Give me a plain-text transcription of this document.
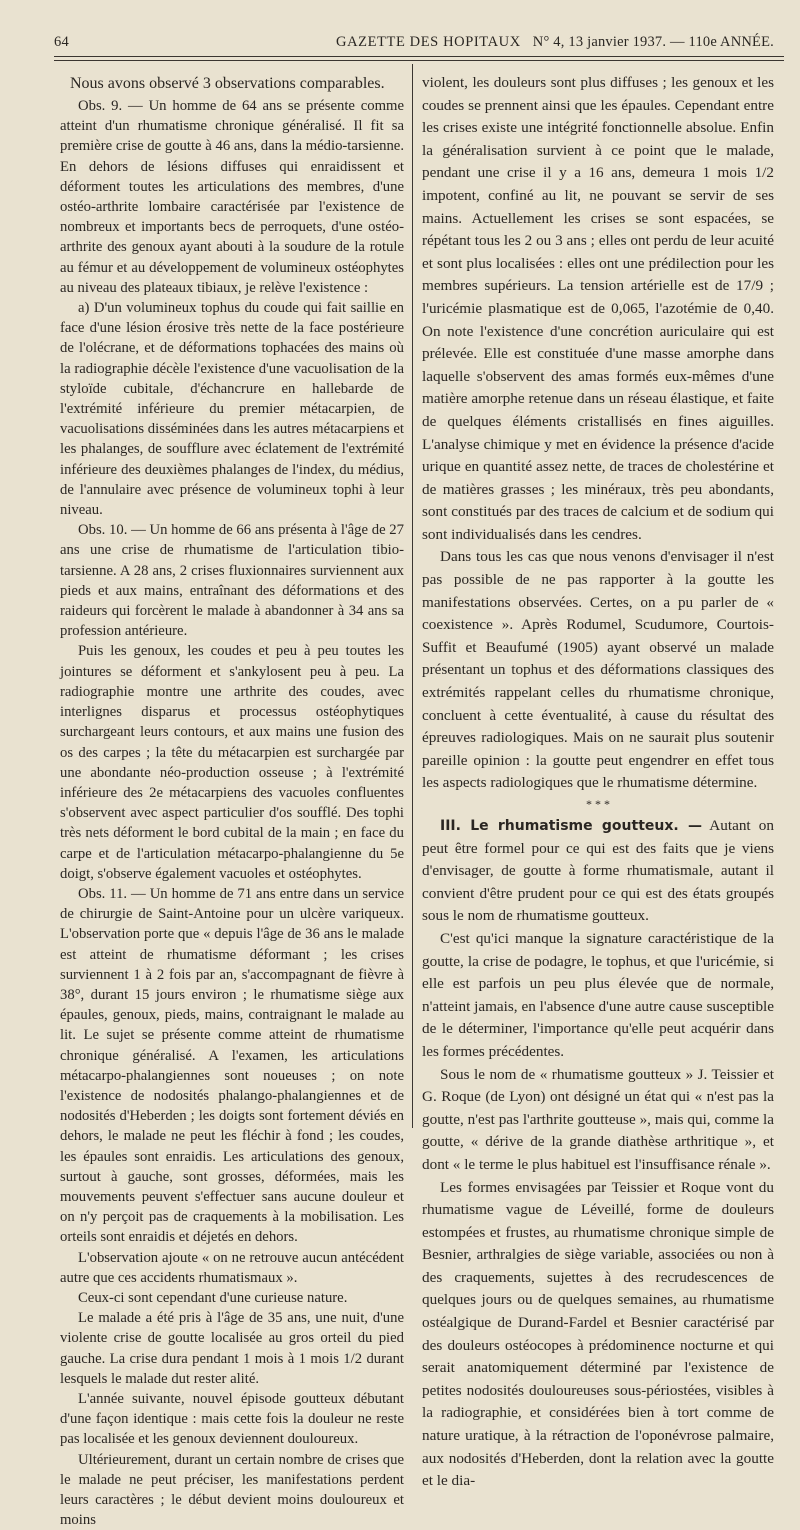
64	GAZETTE DES HOPITAUX N° 4, 13 janvier 1937. — 110e ANNÉE.

Nous avons observé 3 observations comparables.

Obs. 9. — Un homme de 64 ans se présente comme atteint d'un rhumatisme chronique généralisé. Il fit sa première crise de goutte à 46 ans, dans la médio-tarsienne. En dehors de lésions diffuses qui enraidissent et déforment toutes les articulations des membres, d'une ostéo-arthrite lombaire caractérisée par l'existence de nombreux et importants becs de perroquets, d'une ostéo-arthrite des genoux ayant abouti à la soudure de la rotule au fémur et au développement de volumineux ostéophytes au niveau des plateaux tibiaux, je relève l'existence :

a) D'un volumineux tophus du coude qui fait saillie en face d'une lésion érosive très nette de la face postérieure de l'olécrane, et de déformations tophacées des mains où la radiographie décèle l'existence d'une vacuolisation de la styloïde cubitale, d'échancrure en hallebarde de l'extrémité inférieure du premier métacarpien, de vacuolisations disséminées dans les autres métacarpiens et les phalanges, de soufflure avec éclatement de l'extrémité inférieure des deuxièmes phalanges de l'index, du médius, de l'annulaire avec présence de volumineux tophi à leur niveau.

Obs. 10. — Un homme de 66 ans présenta à l'âge de 27 ans une crise de rhumatisme de l'articulation tibio-tarsienne. A 28 ans, 2 crises fluxionnaires surviennent aux pieds et aux mains, entraînant des déformations et des raideurs qui forcèrent le malade à abandonner à 34 ans sa profession antérieure.

Puis les genoux, les coudes et peu à peu toutes les jointures se déforment et s'ankylosent peu à peu. La radiographie montre une arthrite des coudes, avec interlignes disparus et processus ostéophytiques surchargeant leurs contours, et aux mains une fusion des os des carpes ; la tête du métacarpien est surchargée par une abondante néo-production osseuse ; à l'extrémité inférieure des 2e métacarpiens des vacuoles confluentes s'observent avec aspect particulier d'os soufflé. Des tophi très nets déforment le bord cubital de la main ; en face du carpe et de l'articulation métacarpo-phalangienne du 5e doigt, s'observe également vacuoles et ostéophytes.

Obs. 11. — Un homme de 71 ans entre dans un service de chirurgie de Saint-Antoine pour un ulcère variqueux. L'observation porte que « depuis l'âge de 36 ans le malade est atteint de rhumatisme déformant ; les crises surviennent 1 à 2 fois par an, s'accompagnant de fièvre à 38°, durant 15 jours environ ; le rhumatisme siège aux épaules, genoux, pieds, mains, contraignant le malade au lit. Le sujet se présente comme atteint de rhumatisme chronique généralisé. A l'examen, les articulations métacarpo-phalangiennes sont noueuses ; on note l'existence de nodosités phalango-phalangiennes et de nodosités d'Heberden ; les doigts sont fortement déviés en dehors, le malade ne peut les fléchir à fond ; les coudes, les épaules sont enraidis. Les articulations des genoux, surtout à gauche, sont grosses, déformées, mais les mouvements peuvent s'effectuer sans aucune douleur et on n'y perçoit pas de craquements à la mobilisation. Les orteils sont enraidis et déjetés en dehors.

L'observation ajoute « on ne retrouve aucun antécédent autre que ces accidents rhumatismaux ».

Ceux-ci sont cependant d'une curieuse nature.

Le malade a été pris à l'âge de 35 ans, une nuit, d'une violente crise de goutte localisée au gros orteil du pied gauche. La crise dura pendant 1 mois à 1 mois 1/2 durant lesquels le malade dut rester alité.

L'année suivante, nouvel épisode goutteux débutant d'une façon identique : mais cette fois la douleur ne reste pas localisée et les genoux deviennent douloureux.

Ultérieurement, durant un certain nombre de crises que le malade ne peut préciser, les manifestations perdent leurs caractères ; le début devient moins douloureux et moins

violent, les douleurs sont plus diffuses ; les genoux et les coudes se prennent ainsi que les épaules. Cependant entre les crises existe une intégrité fonctionnelle absolue. Enfin la généralisation survient à ce point que le malade, pendant une crise il y a 16 ans, demeura 1 mois 1/2 impotent, confiné au lit, ne pouvant se servir de ses mains. Actuellement les crises se sont espacées, se répétant tous les 2 ou 3 ans ; elles ont perdu de leur acuité et sont plus localisées : elles ont une prédilection pour les membres supérieurs. La tension artérielle est de 17/9 ; l'uricémie plasmatique est de 0,065, l'azotémie de 0,40. On note l'existence d'une concrétion auriculaire qui est prélevée. Elle est constituée d'une masse amorphe dans laquelle s'observent des amas formés eux-mêmes d'une matière amorphe retenue dans un réseau élastique, et faite de quelques éléments cristallisés en fines aiguilles. L'analyse chimique y met en évidence la présence d'acide urique en quantité assez nette, de traces de cholestérine et de matières grasses ; les minéraux, très peu abondants, sont constitués par des traces de calcium et de sodium qui sont individualisés dans les cendres.

Dans tous les cas que nous venons d'envisager il n'est pas possible de ne pas rapporter à la goutte les manifestations observées. Certes, on a pu parler de « coexistence ». Après Rodumel, Scudumore, Courtois-Suffit et Beaufumé (1905) ayant observé un malade présentant un tophus et des déformations classiques des extrémités rappelant celles du rhumatisme chronique, concluent à cette éventualité, à cause du résultat des épreuves radiologiques. Mais on ne saurait plus soutenir pareille opinion : la goutte peut engendrer en effet tous les aspects radiologiques que le rhumatisme détermine.

* * *

III. Le rhumatisme goutteux. — Autant on peut être formel pour ce qui est des faits que je viens d'envisager, de goutte à forme rhumatismale, autant il convient d'être prudent pour ce qui est des états groupés sous le nom de rhumatisme goutteux.

C'est qu'ici manque la signature caractéristique de la goutte, la crise de podagre, le tophus, et que l'uricémie, si elle est parfois un peu plus élevée que de normale, n'atteint jamais, en l'absence d'une autre cause susceptible de le déterminer, l'importance qu'elle peut acquérir dans les formes précédentes.

Sous le nom de « rhumatisme goutteux » J. Teissier et G. Roque (de Lyon) ont désigné un état qui « n'est pas la goutte, n'est pas l'arthrite goutteuse », mais qui, comme la goutte, « dérive de la grande diathèse arthritique », et dont « le terme le plus habituel est l'insuffisance rénale ».

Les formes envisagées par Teissier et Roque vont du rhumatisme vague de Léveillé, forme de douleurs estompées et frustes, au rhumatisme chronique simple de Besnier, arthralgies de siège variable, associées ou non à des craquements, sujettes à des recrudescences de quelques jours ou de quelques semaines, au rhumatisme ostéalgique de Durand-Fardel et Besnier caractérisé par des douleurs ostéocopes à prédominence nocturne et qui serait anatomiquement déterminé par l'existence de petites nodosités douloureuses sous-périostées, visibles à la radiographie, et considérées bien à tort comme de nature uratique, à la rétraction de l'oponévrose palmaire, aux nodosités d'Heberden, dont la relation avec la goutte et le dia-
